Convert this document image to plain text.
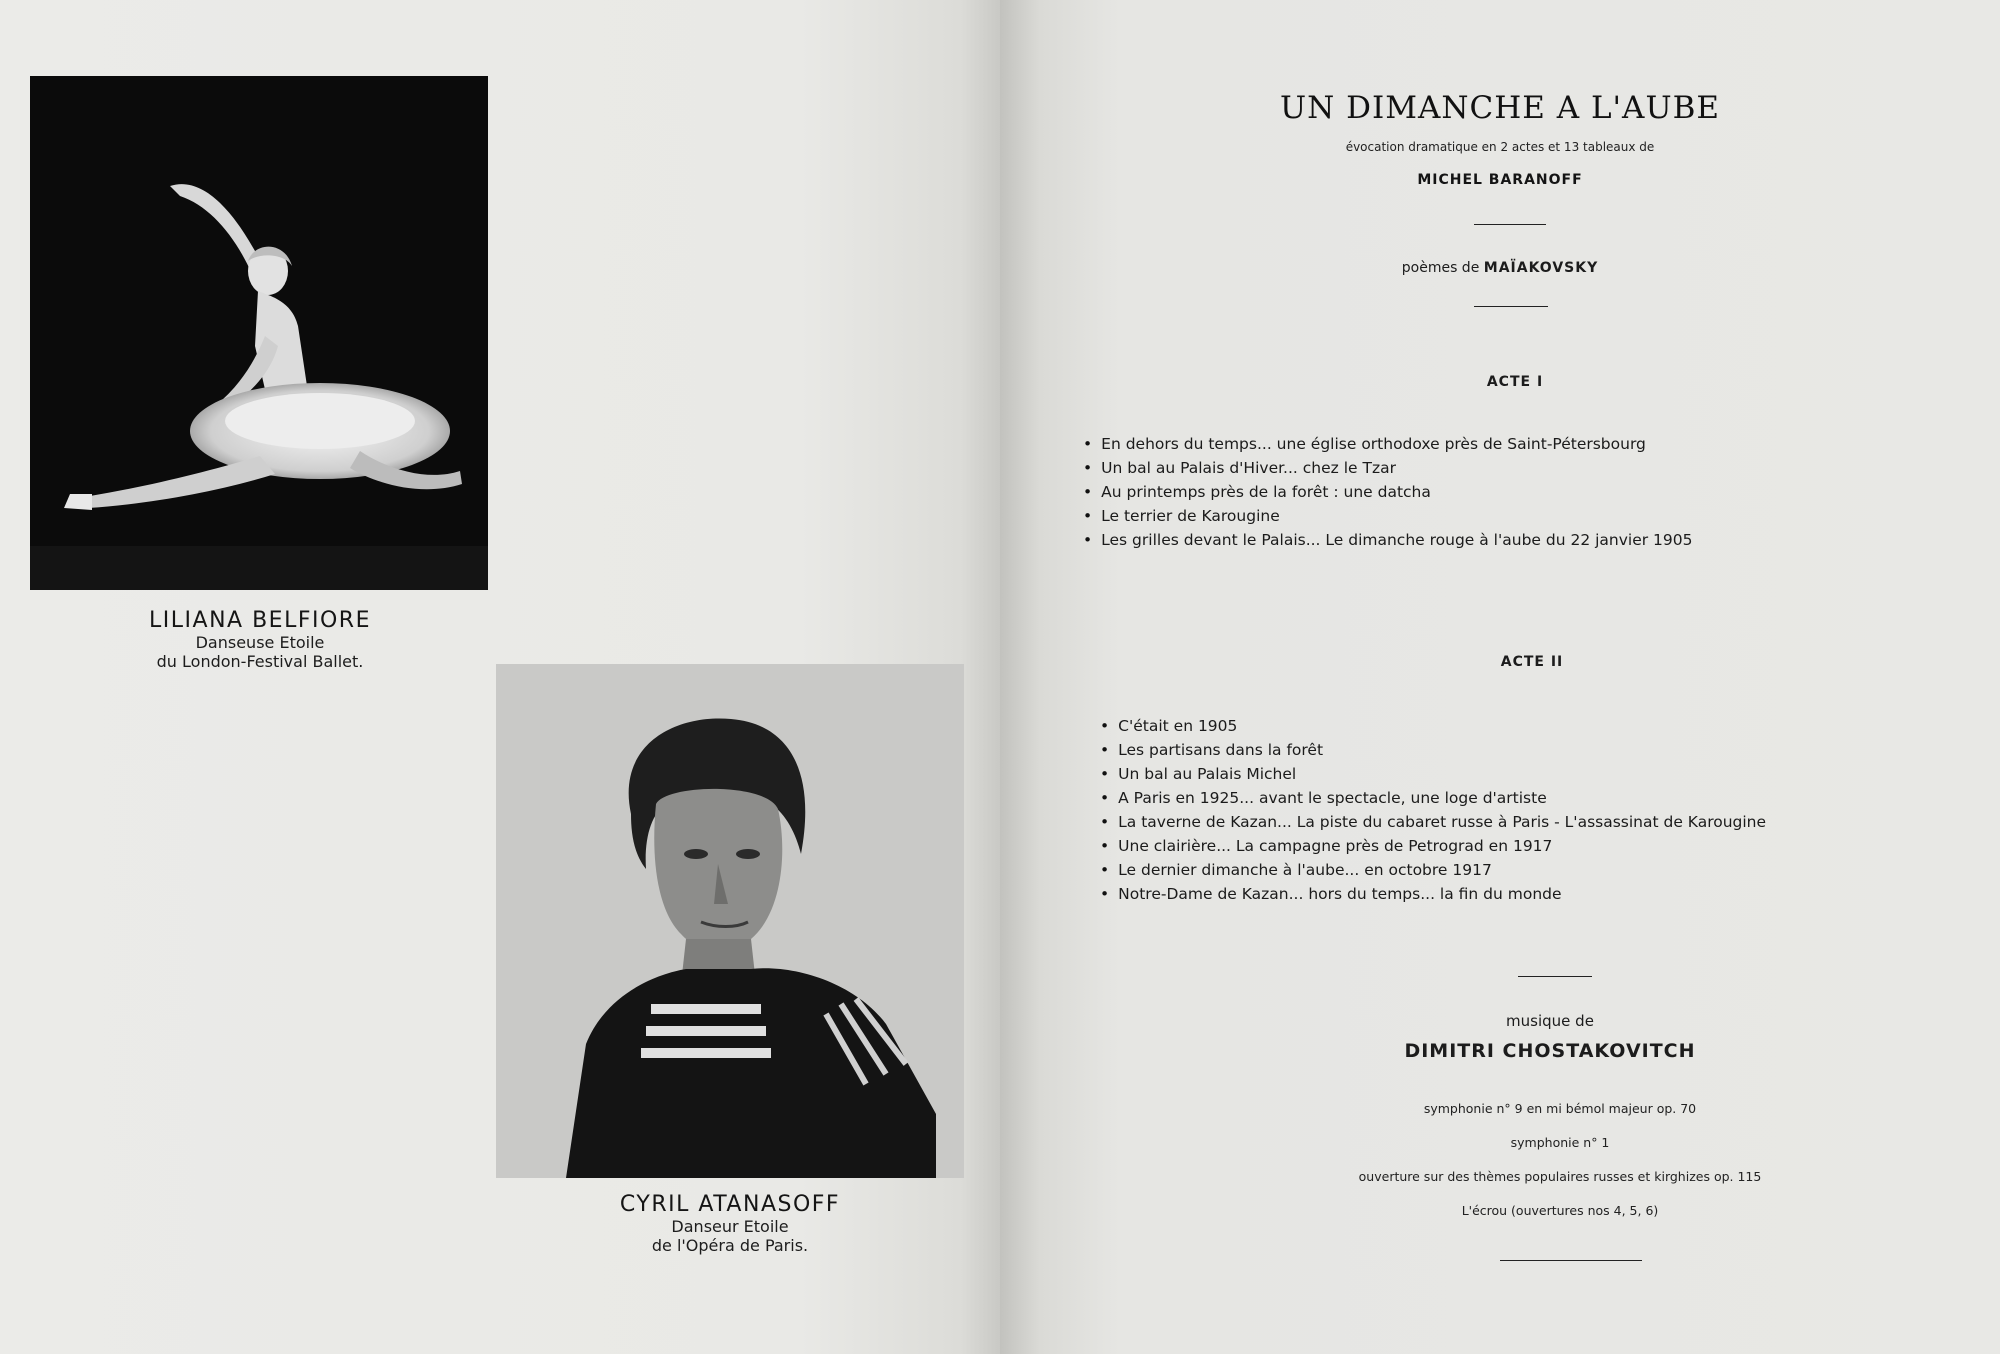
LILIANA BELFIORE
Danseuse Etoile
du London-Festival Ballet.
CYRIL ATANASOFF
Danseur Etoile
de l'Opéra de Paris.
UN DIMANCHE A L'AUBE
évocation dramatique en 2 actes et 13 tableaux de
MICHEL BARANOFF
poèmes de MAÏAKOVSKY
ACTE I
• En dehors du temps... une église orthodoxe près de Saint-Pétersbourg
• Un bal au Palais d'Hiver... chez le Tzar
• Au printemps près de la forêt : une datcha
• Le terrier de Karougine
• Les grilles devant le Palais... Le dimanche rouge à l'aube du 22 janvier 1905
ACTE II
• C'était en 1905
• Les partisans dans la forêt
• Un bal au Palais Michel
• A Paris en 1925... avant le spectacle, une loge d'artiste
• La taverne de Kazan... La piste du cabaret russe à Paris - L'assassinat de Karougine
• Une clairière... La campagne près de Petrograd en 1917
• Le dernier dimanche à l'aube... en octobre 1917
• Notre-Dame de Kazan... hors du temps... la fin du monde
musique de
DIMITRI CHOSTAKOVITCH
symphonie n° 9 en mi bémol majeur op. 70
symphonie n° 1
ouverture sur des thèmes populaires russes et kirghizes op. 115
L'écrou (ouvertures nos 4, 5, 6)
